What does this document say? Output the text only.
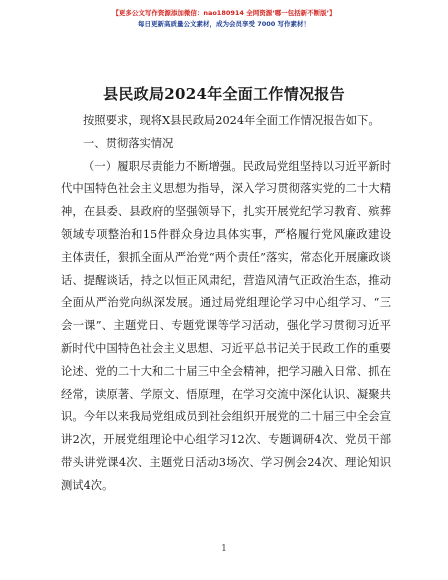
【更多公文写作资源添加微信：nao180914 全网资源‘哪一包括新不断版’】
每日更新高质量公文素材，成为会员享受 7000 写作素材！
县民政局2024年全面工作情况报告

按照要求，现将X县民政局2024年全面工作情况报告如下。

一、贯彻落实情况

（一）履职尽责能力不断增强。民政局党组坚持以习近平新时代中国特色社会主义思想为指导，深入学习贯彻落实党的二十大精神，在县委、县政府的坚强领导下，扎实开展党纪学习教育、殡葬领域专项整治和15件群众身边具体实事，严格履行党风廉政建设主体责任，狠抓全面从严治党“两个责任”落实，常态化开展廉政谈话、提醒谈话，持之以恒正风肃纪，营造风清气正政治生态，推动全面从严治党向纵深发展。通过局党组理论学习中心组学习、“三会一课”、主题党日、专题党课等学习活动，强化学习贯彻习近平新时代中国特色社会主义思想、习近平总书记关于民政工作的重要论述、党的二十大和二十届三中全会精神，把学习融入日常、抓在经常，读原著、学原文、悟原理，在学习交流中深化认识、凝聚共识。今年以来我局党组成员到社会组织开展党的二十届三中全会宣讲2次，开展党组理论中心组学习12次、专题调研4次、党员干部带头讲党课4次、主题党日活动3场次、学习例会24次、理论知识测试4次。

1
